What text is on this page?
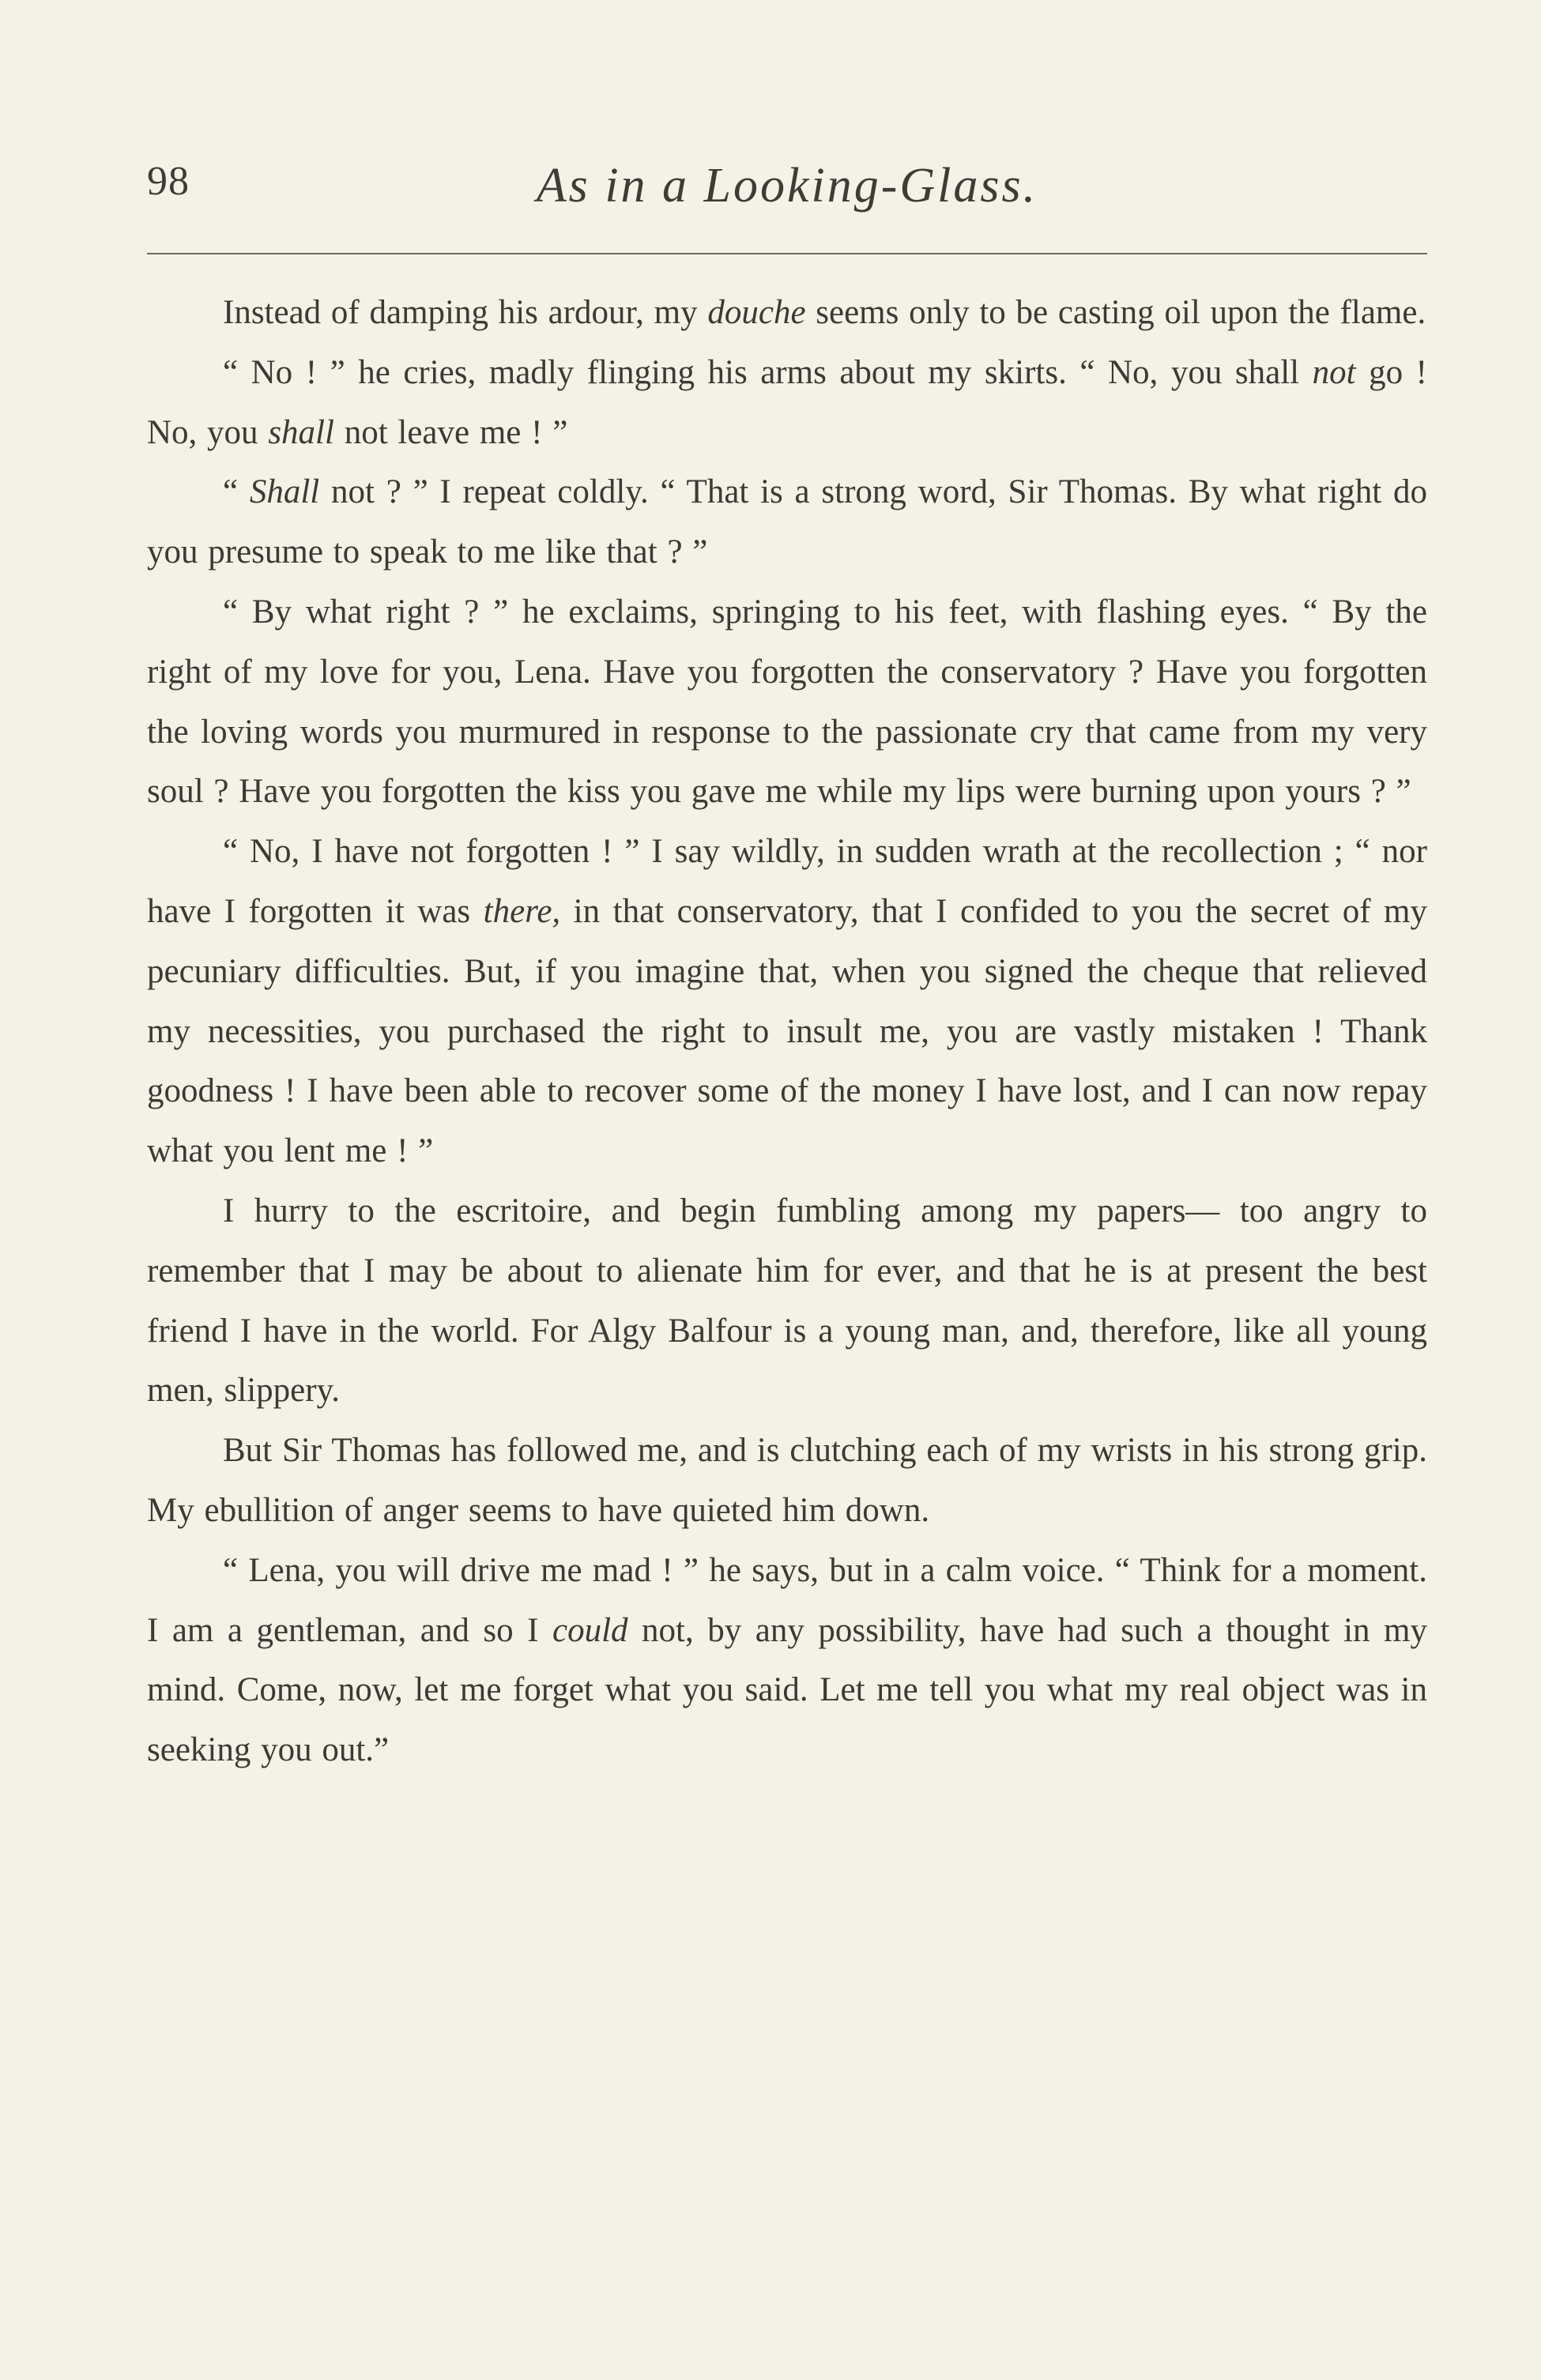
98	As in a Looking-Glass.

Instead of damping his ardour, my douche seems only to be casting oil upon the flame.

“ No ! ” he cries, madly flinging his arms about my skirts. “ No, you shall not go ! No, you shall not leave me ! ”

“ Shall not ? ” I repeat coldly. “ That is a strong word, Sir Thomas. By what right do you presume to speak to me like that ? ”

“ By what right ? ” he exclaims, springing to his feet, with flashing eyes. “ By the right of my love for you, Lena. Have you forgotten the conservatory ? Have you forgotten the loving words you murmured in response to the passionate cry that came from my very soul ? Have you forgotten the kiss you gave me while my lips were burning upon yours ? ”

“ No, I have not forgotten ! ” I say wildly, in sudden wrath at the recollection ; “ nor have I forgotten it was there, in that conservatory, that I confided to you the secret of my pecuniary difficulties. But, if you imagine that, when you signed the cheque that relieved my necessities, you purchased the right to insult me, you are vastly mistaken ! Thank goodness ! I have been able to recover some of the money I have lost, and I can now repay what you lent me ! ”

I hurry to the escritoire, and begin fumbling among my papers— too angry to remember that I may be about to alienate him for ever, and that he is at present the best friend I have in the world. For Algy Balfour is a young man, and, therefore, like all young men, slippery.

But Sir Thomas has followed me, and is clutching each of my wrists in his strong grip. My ebullition of anger seems to have quieted him down.

“ Lena, you will drive me mad ! ” he says, but in a calm voice. “ Think for a moment. I am a gentleman, and so I could not, by any possibility, have had such a thought in my mind. Come, now, let me forget what you said. Let me tell you what my real object was in seeking you out.”
